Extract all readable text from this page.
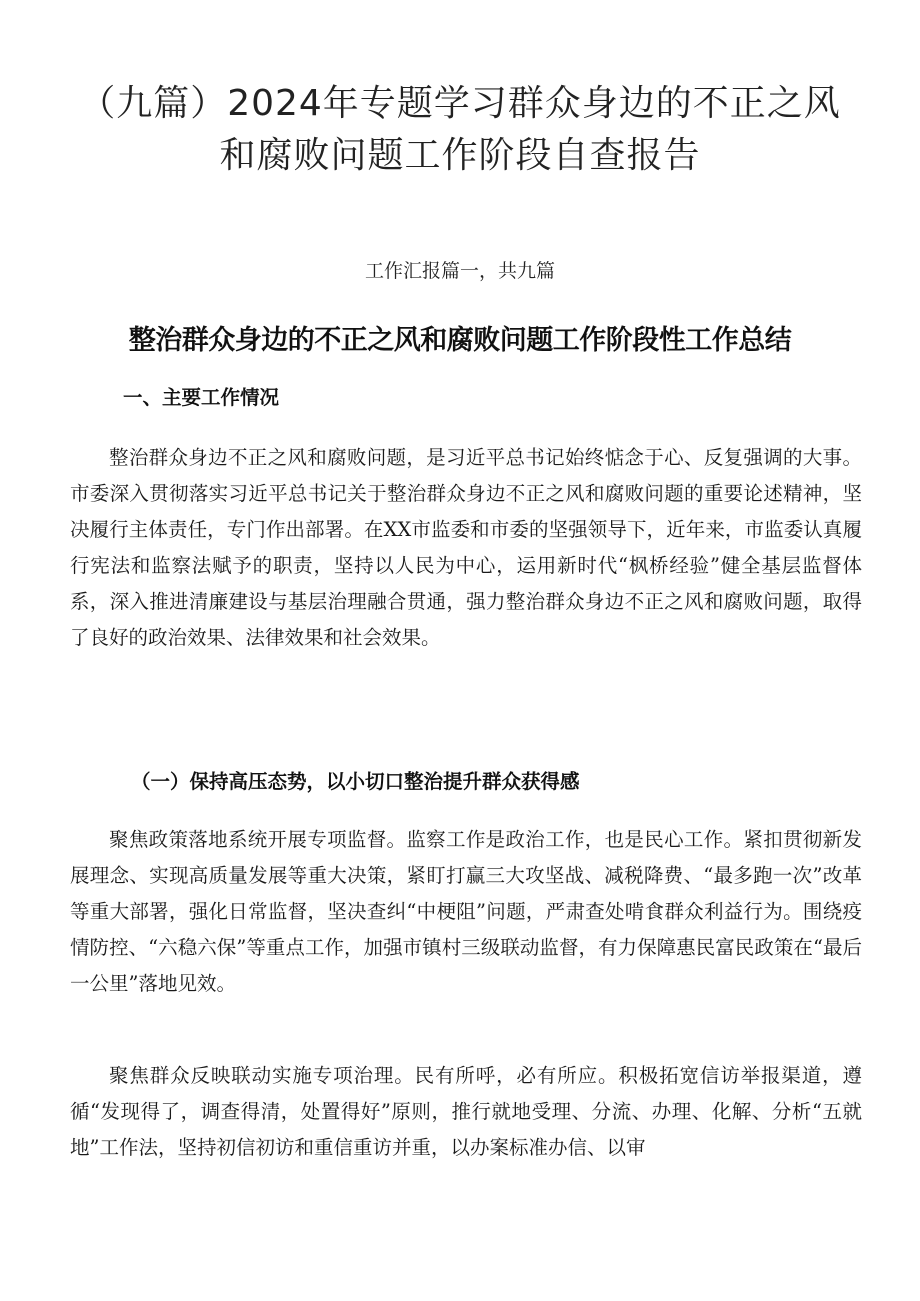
（九篇）2024年专题学习群众身边的不正之风和腐败问题工作阶段自查报告
工作汇报篇一，共九篇
整治群众身边的不正之风和腐败问题工作阶段性工作总结
一、主要工作情况

整治群众身边不正之风和腐败问题，是习近平总书记始终惦念于心、反复强调的大事。市委深入贯彻落实习近平总书记关于整治群众身边不正之风和腐败问题的重要论述精神，坚决履行主体责任，专门作出部署。在XX市监委和市委的坚强领导下，近年来，市监委认真履行宪法和监察法赋予的职责，坚持以人民为中心，运用新时代“枫桥经验”健全基层监督体系，深入推进清廉建设与基层治理融合贯通，强力整治群众身边不正之风和腐败问题，取得了良好的政治效果、法律效果和社会效果。

（一）保持高压态势，以小切口整治提升群众获得感

聚焦政策落地系统开展专项监督。监察工作是政治工作，也是民心工作。紧扣贯彻新发展理念、实现高质量发展等重大决策，紧盯打赢三大攻坚战、减税降费、“最多跑一次”改革等重大部署，强化日常监督，坚决查纠“中梗阻”问题，严肃查处啃食群众利益行为。围绕疫情防控、“六稳六保”等重点工作，加强市镇村三级联动监督，有力保障惠民富民政策在“最后一公里”落地见效。

聚焦群众反映联动实施专项治理。民有所呼，必有所应。积极拓宽信访举报渠道，遵循“发现得了，调查得清，处置得好”原则，推行就地受理、分流、办理、化解、分析“五就地”工作法，坚持初信初访和重信重访并重，以办案标准办信、以审
